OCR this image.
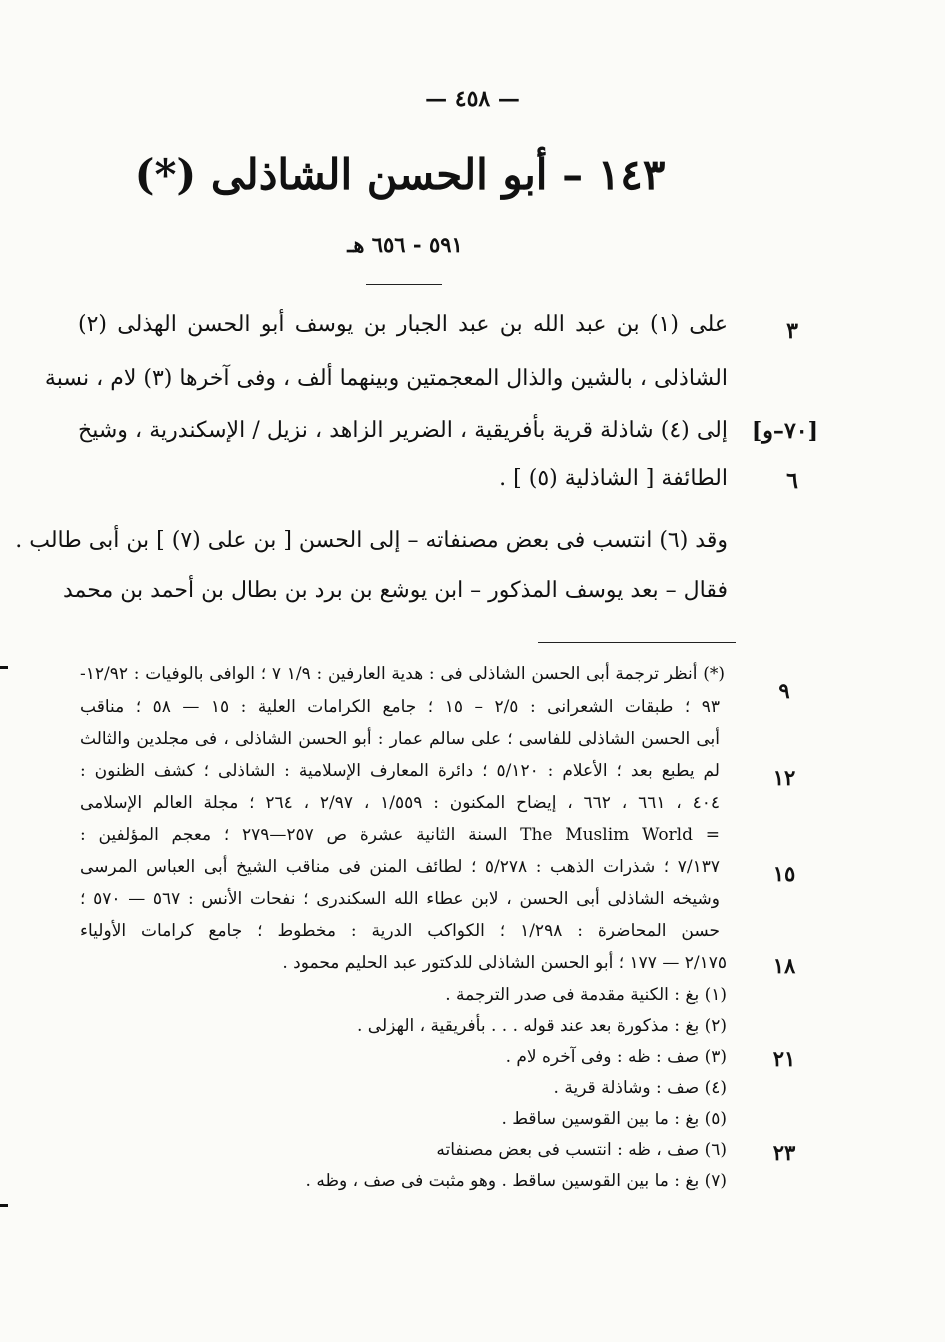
— ٤٥٨ —
١٤٣ – أبو الحسن الشاذلى (*)
٥٩١ - ٦٥٦ هـ
على (١) بن عبد الله بن عبد الجبار بن يوسف أبو الحسن الهذلى (٢)
الشاذلى ، بالشين والذال المعجمتين وبينهما ألف ، وفى آخرها (٣) لام ، نسبة
إلى (٤) شاذلة قرية بأفريقية ، الضرير الزاهد ، نزيل / الإسكندرية ، وشيخ
الطائفة [ الشاذلية (٥) ] .
وقد (٦) انتسب فى بعض مصنفاته – إلى الحسن [ بن على (٧) ] بن أبى طالب .
فقال – بعد يوسف المذكور – ابن يوشع بن برد بن بطال بن أحمد بن محمد
٣
٦
[٧٠–و]
(*) أنظر ترجمة أبى الحسن الشاذلى فى : هدية العارفين : ١/٩ ٧ ؛ الوافى بالوفيات : ١٢/٩٢-
٩٣ ؛ طبقات الشعرانى : ٢/٥ – ١٥ ؛ جامع الكرامات العلية : ١٥ — ٥٨ ؛ مناقب
أبى الحسن الشاذلى للفاسى ؛ على سالم عمار : أبو الحسن الشاذلى ، فى مجلدين والثالث
لم يطبع بعد ؛ الأعلام : ٥/١٢٠ ؛ دائرة المعارف الإسلامية : الشاذلى ؛ كشف الظنون :
٤٠٤ ، ٦٦١ ، ٦٦٢ ، إيضاح المكنون : ١/٥٥٩ ، ٢/٩٧ ، ٢٦٤ ؛ مجلة العالم الإسلامى
= The Muslim World السنة الثانية عشرة ص ٢٥٧—٢٧٩ ؛ معجم المؤلفين :
٧/١٣٧ ؛ شذرات الذهب : ٥/٢٧٨ ؛ لطائف المنن فى مناقب الشيخ أبى العباس المرسى
وشيخه الشاذلى أبى الحسن ، لابن عطاء الله السكندرى ؛ نفحات الأنس : ٥٦٧ — ٥٧٠ ؛
حسن المحاضرة : ١/٢٩٨ ؛ الكواكب الدرية : مخطوط ؛ جامع كرامات الأولياء
٢/١٧٥ — ١٧٧ ؛ أبو الحسن الشاذلى للدكتور عبد الحليم محمود .
(١) بغ : الكنية مقدمة فى صدر الترجمة .
(٢) بغ : مذكورة بعد عند قوله . . . بأفريقية ، الهزلى .
(٣) صف : ظه : وفى آخره لام .
(٤) صف : وشاذلة قرية .
(٥) بغ : ما بين القوسين ساقط .
(٦) صف ، ظه : انتسب فى بعض مصنفاته
(٧) بغ : ما بين القوسين ساقط . وهو مثبت فى صف ، وظه .
٩
١٢
١٥
١٨
٢١
٢٣
